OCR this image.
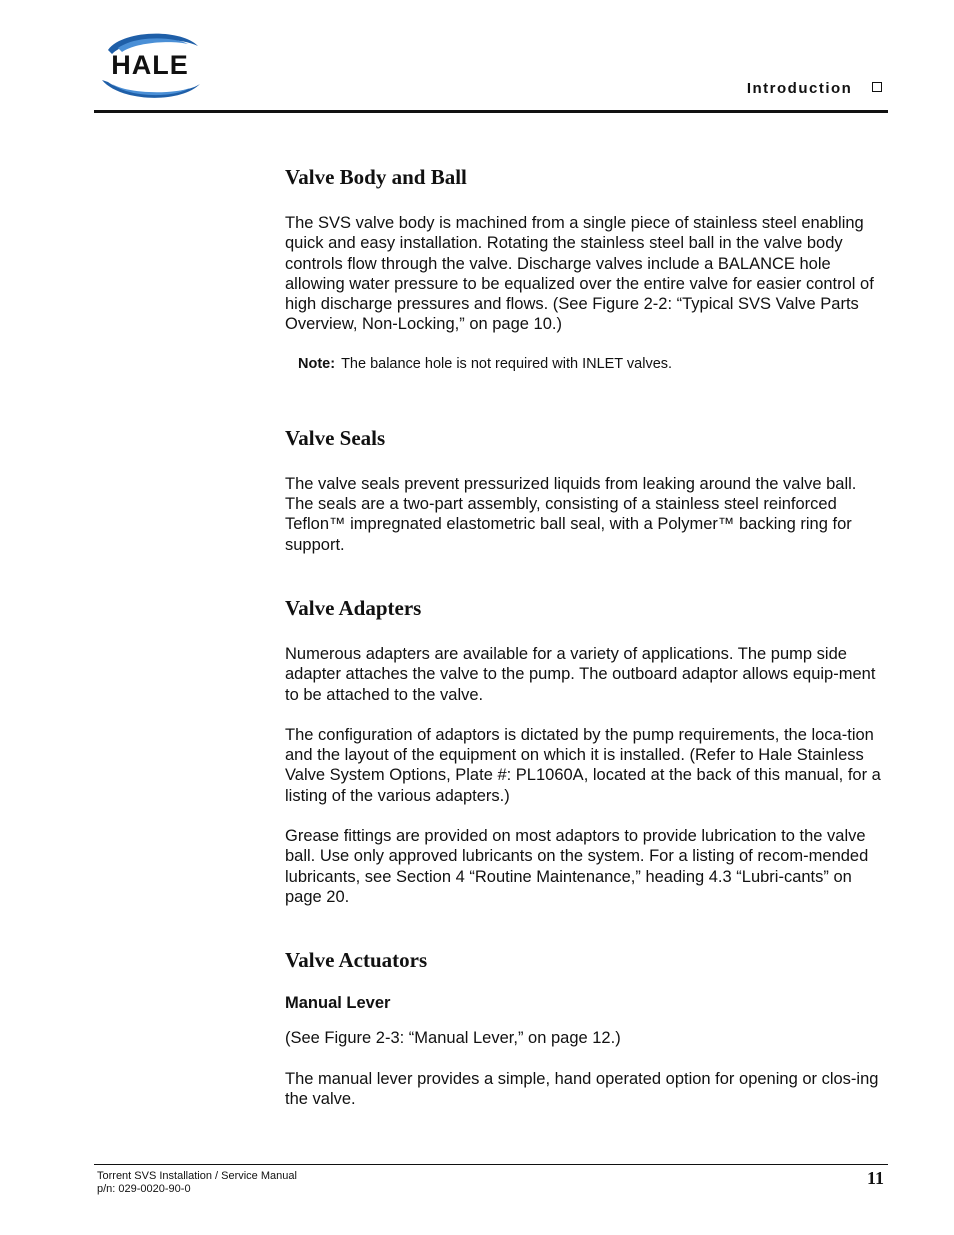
HALE
Introduction
Valve Body and Ball

The SVS valve body is machined from a single piece of stainless steel enabling quick and easy installation. Rotating the stainless steel ball in the valve body controls flow through the valve. Discharge valves include a BALANCE hole allowing water pressure to be equalized over the entire valve for easier control of high discharge pressures and flows. (See Figure 2-2: “Typical SVS Valve Parts Overview, Non-Locking,” on page 10.)

Note: The balance hole is not required with INLET valves.

Valve Seals

The valve seals prevent pressurized liquids from leaking around the valve ball. The seals are a two-part assembly, consisting of a stainless steel reinforced Teflon™ impregnated elastometric ball seal, with a Polymer™ backing ring for support.

Valve Adapters

Numerous adapters are available for a variety of applications. The pump side adapter attaches the valve to the pump. The outboard adaptor allows equip-ment to be attached to the valve.

The configuration of adaptors is dictated by the pump requirements, the loca-tion and the layout of the equipment on which it is installed. (Refer to Hale Stainless Valve System Options, Plate #: PL1060A, located at the back of this manual, for a listing of the various adapters.)

Grease fittings are provided on most adaptors to provide lubrication to the valve ball. Use only approved lubricants on the system. For a listing of recom-mended lubricants, see Section 4 “Routine Maintenance,” heading 4.3 “Lubri-cants” on page 20.

Valve Actuators
Manual Lever

(See Figure 2-3: “Manual Lever,” on page 12.)

The manual lever provides a simple, hand operated option for opening or clos-ing the valve.

Torrent SVS Installation / Service Manual
p/n: 029-0020-90-0
11
